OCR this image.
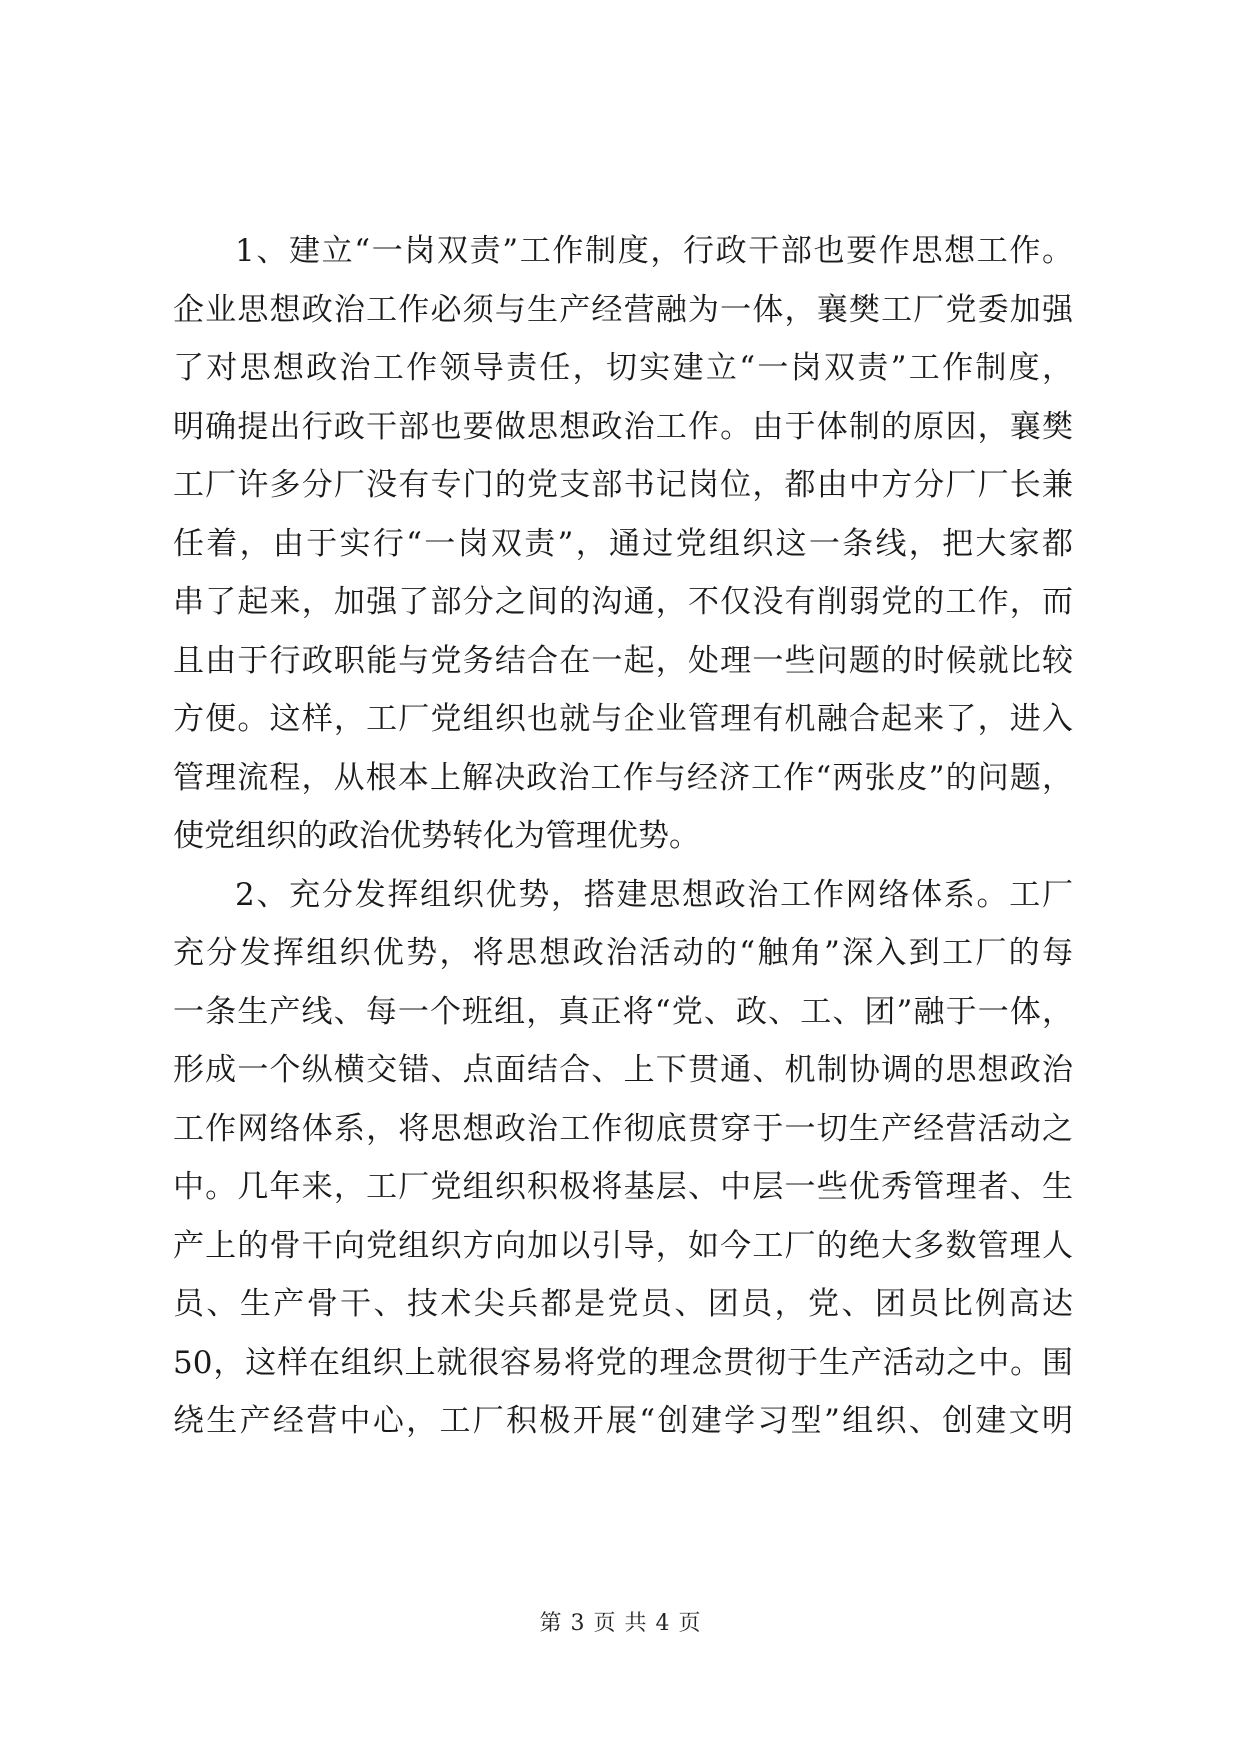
1、建立“一岗双责”工作制度，行政干部也要作思想工作。
企业思想政治工作必须与生产经营融为一体，襄樊工厂党委加强
了对思想政治工作领导责任，切实建立“一岗双责”工作制度，
明确提出行政干部也要做思想政治工作。由于体制的原因，襄樊
工厂许多分厂没有专门的党支部书记岗位，都由中方分厂厂长兼
任着，由于实行“一岗双责”，通过党组织这一条线，把大家都
串了起来，加强了部分之间的沟通，不仅没有削弱党的工作，而
且由于行政职能与党务结合在一起，处理一些问题的时候就比较
方便。这样，工厂党组织也就与企业管理有机融合起来了，进入
管理流程，从根本上解决政治工作与经济工作“两张皮”的问题，
使党组织的政治优势转化为管理优势。
2、充分发挥组织优势，搭建思想政治工作网络体系。工厂
充分发挥组织优势，将思想政治活动的“触角”深入到工厂的每
一条生产线、每一个班组，真正将“党、政、工、团”融于一体，
形成一个纵横交错、点面结合、上下贯通、机制协调的思想政治
工作网络体系，将思想政治工作彻底贯穿于一切生产经营活动之
中。几年来，工厂党组织积极将基层、中层一些优秀管理者、生
产上的骨干向党组织方向加以引导，如今工厂的绝大多数管理人
员、生产骨干、技术尖兵都是党员、团员，党、团员比例高达
50，这样在组织上就很容易将党的理念贯彻于生产活动之中。围
绕生产经营中心，工厂积极开展“创建学习型”组织、创建文明
第 3 页 共 4 页
